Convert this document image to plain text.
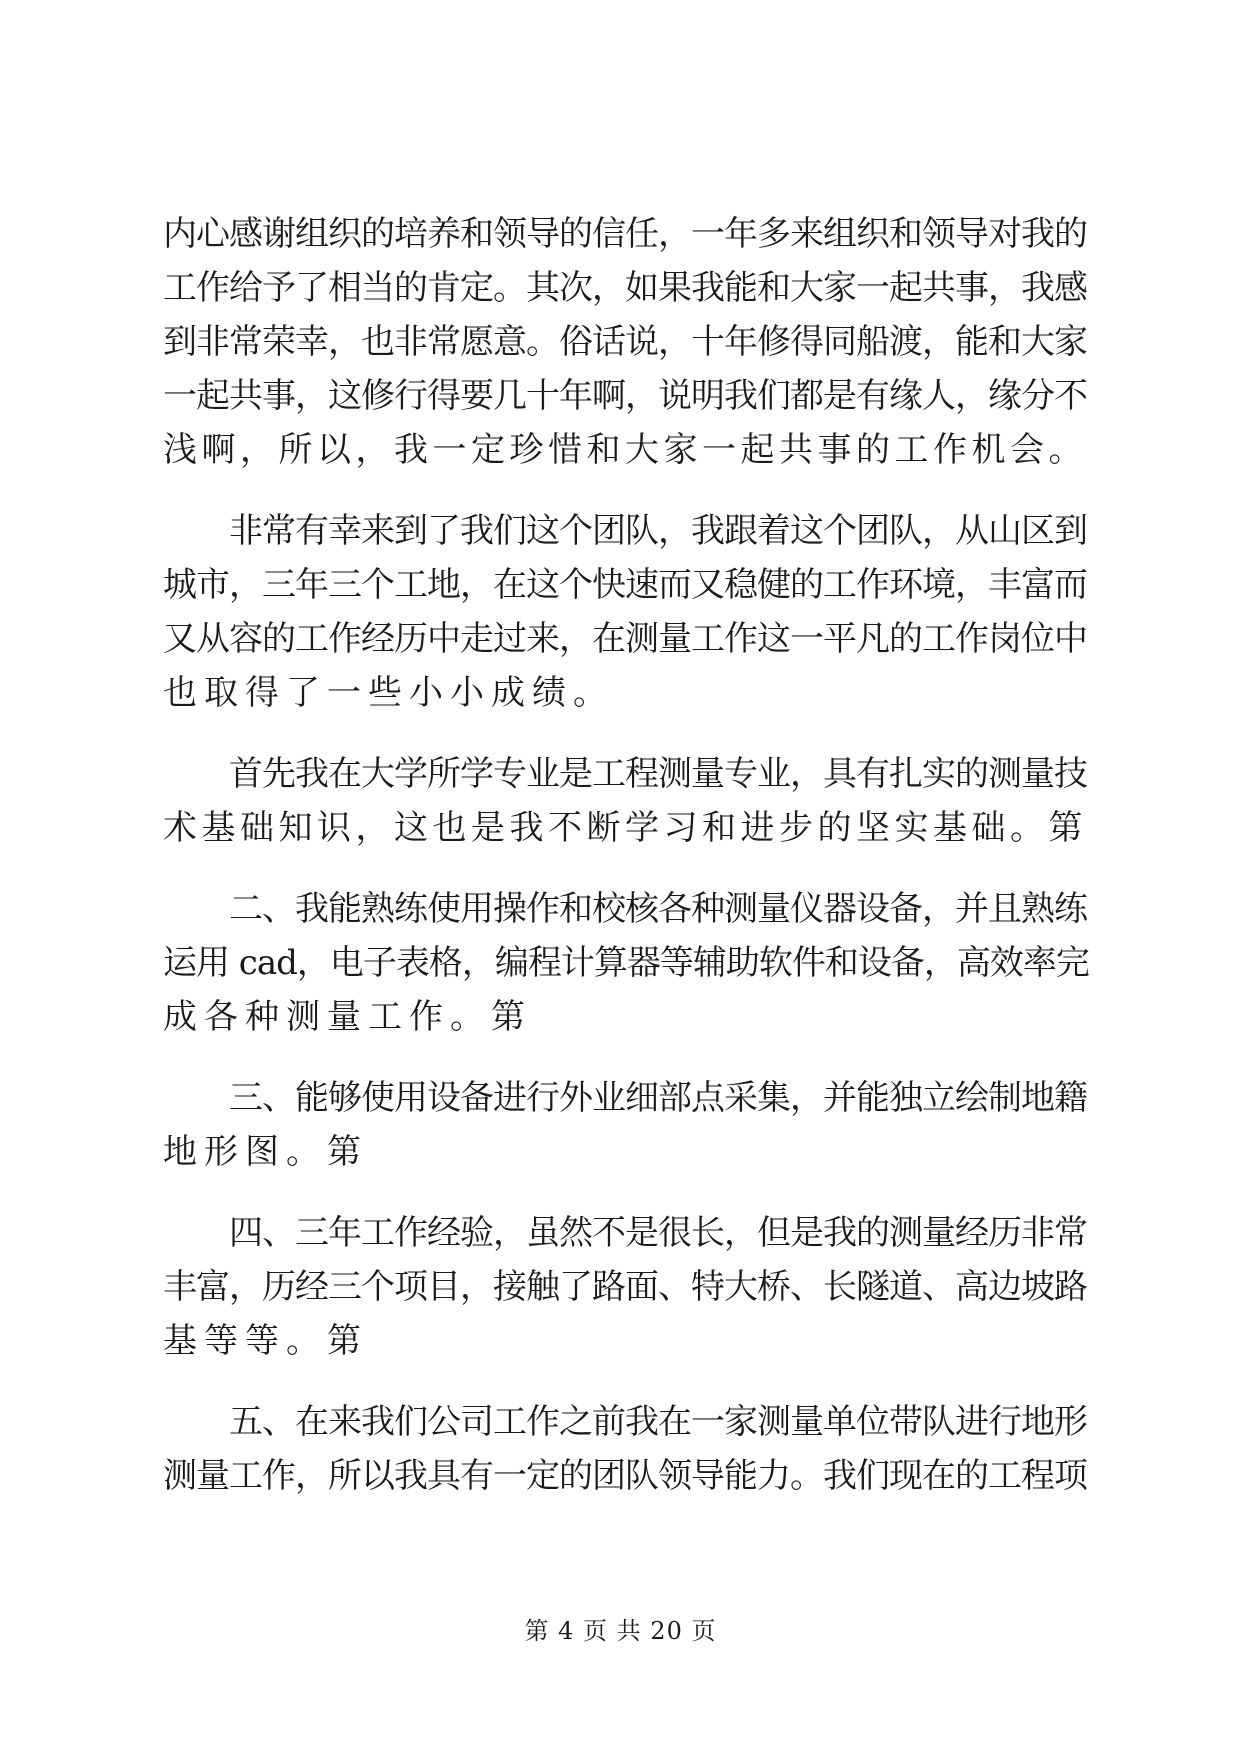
内心感谢组织的培养和领导的信任，一年多来组织和领导对我的
工作给予了相当的肯定。其次，如果我能和大家一起共事，我感
到非常荣幸，也非常愿意。俗话说，十年修得同船渡，能和大家
一起共事，这修行得要几十年啊，说明我们都是有缘人，缘分不
浅啊，所以，我一定珍惜和大家一起共事的工作机会。
　　非常有幸来到了我们这个团队，我跟着这个团队，从山区到
城市，三年三个工地，在这个快速而又稳健的工作环境，丰富而
又从容的工作经历中走过来，在测量工作这一平凡的工作岗位中
也取得了一些小小成绩。
　　首先我在大学所学专业是工程测量专业，具有扎实的测量技
术基础知识，这也是我不断学习和进步的坚实基础。第
　　二、我能熟练使用操作和校核各种测量仪器设备，并且熟练
运用 cad，电子表格，编程计算器等辅助软件和设备，高效率完
成各种测量工作。第
　　三、能够使用设备进行外业细部点采集，并能独立绘制地籍
地形图。第
　　四、三年工作经验，虽然不是很长，但是我的测量经历非常
丰富，历经三个项目，接触了路面、特大桥、长隧道、高边坡路
基等等。第
　　五、在来我们公司工作之前我在一家测量单位带队进行地形
测量工作，所以我具有一定的团队领导能力。我们现在的工程项
第 4 页 共 20 页
